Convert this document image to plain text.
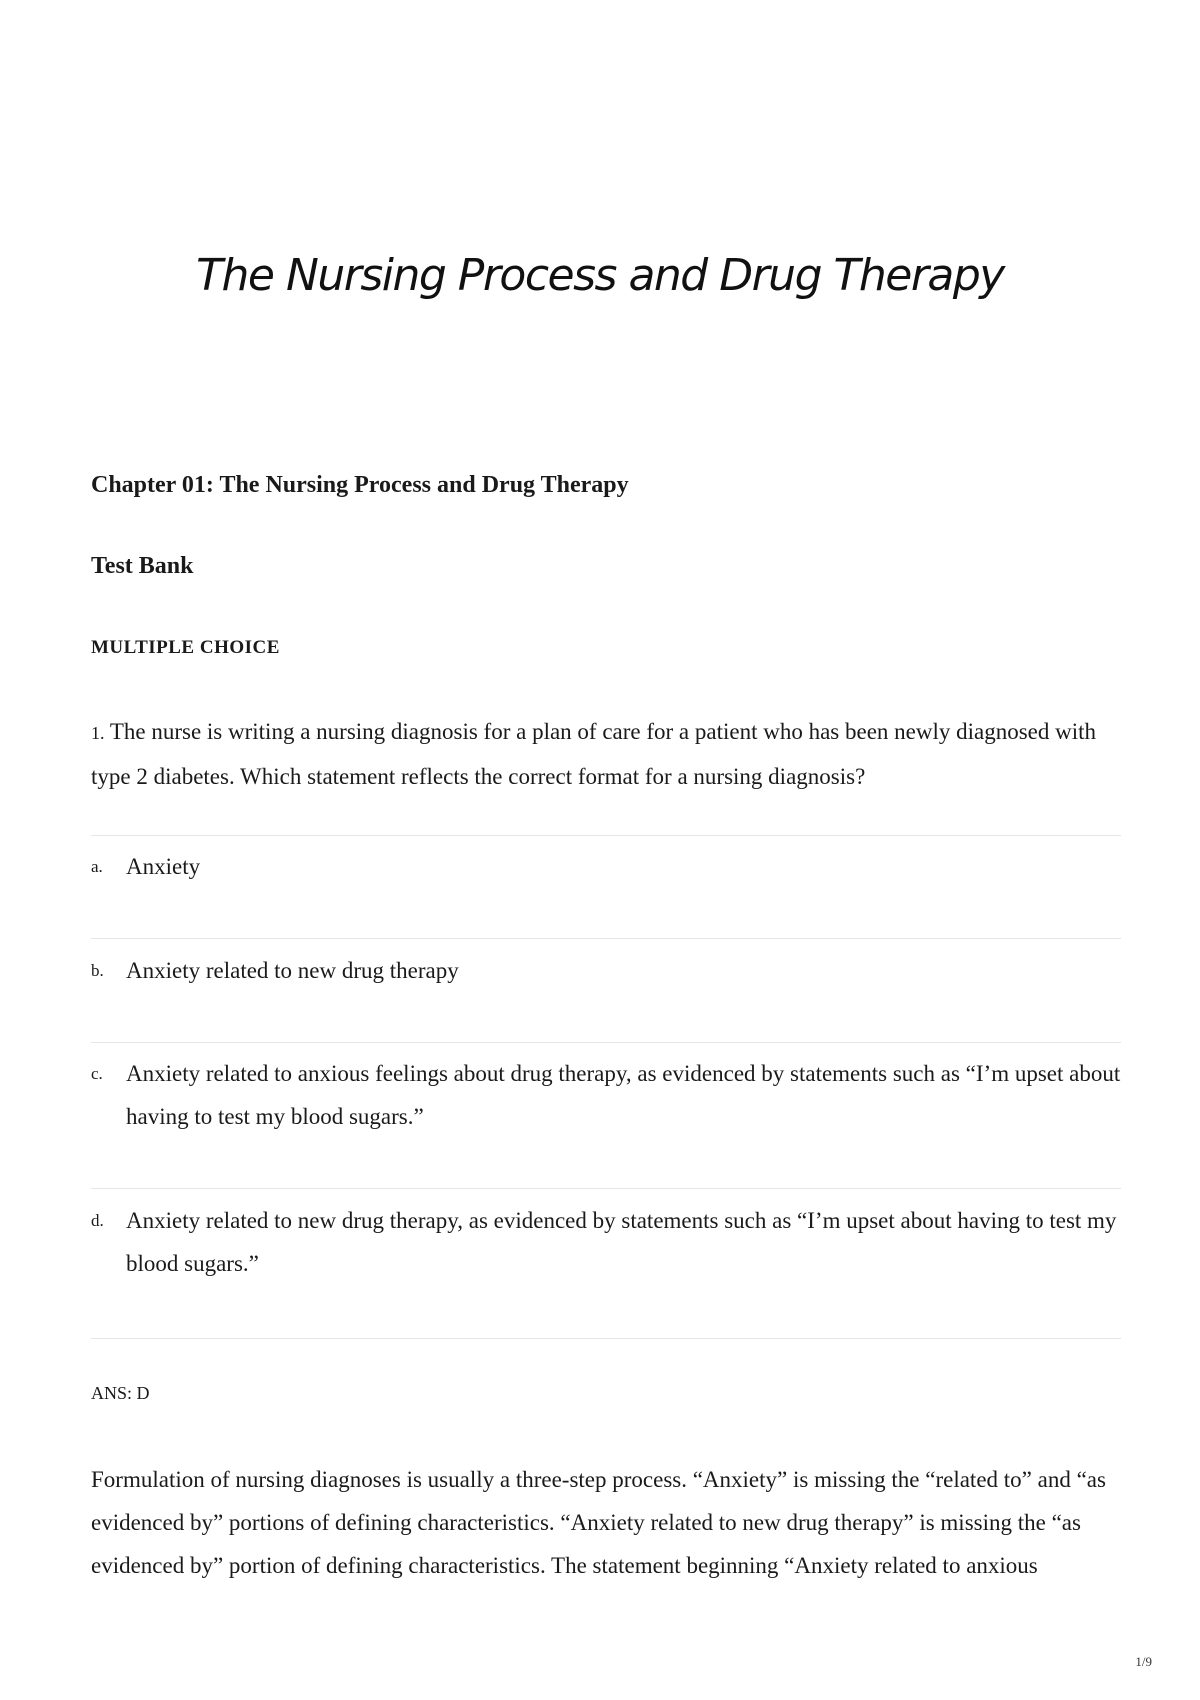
The Nursing Process and Drug Therapy
Chapter 01: The Nursing Process and Drug Therapy
Test Bank

MULTIPLE CHOICE

1. The nurse is writing a nursing diagnosis for a plan of care for a patient who has been newly diagnosed with type 2 diabetes. Which statement reflects the correct format for a nursing diagnosis?

a. Anxiety

b. Anxiety related to new drug therapy

c. Anxiety related to anxious feelings about drug therapy, as evidenced by statements such as “I’m upset about having to test my blood sugars.”

d. Anxiety related to new drug therapy, as evidenced by statements such as “I’m upset about having to test my blood sugars.”

ANS: D

Formulation of nursing diagnoses is usually a three-step process. “Anxiety” is missing the “related to” and “as evidenced by” portions of defining characteristics. “Anxiety related to new drug therapy” is missing the “as evidenced by” portion of defining characteristics. The statement beginning “Anxiety related to anxious

1/9
